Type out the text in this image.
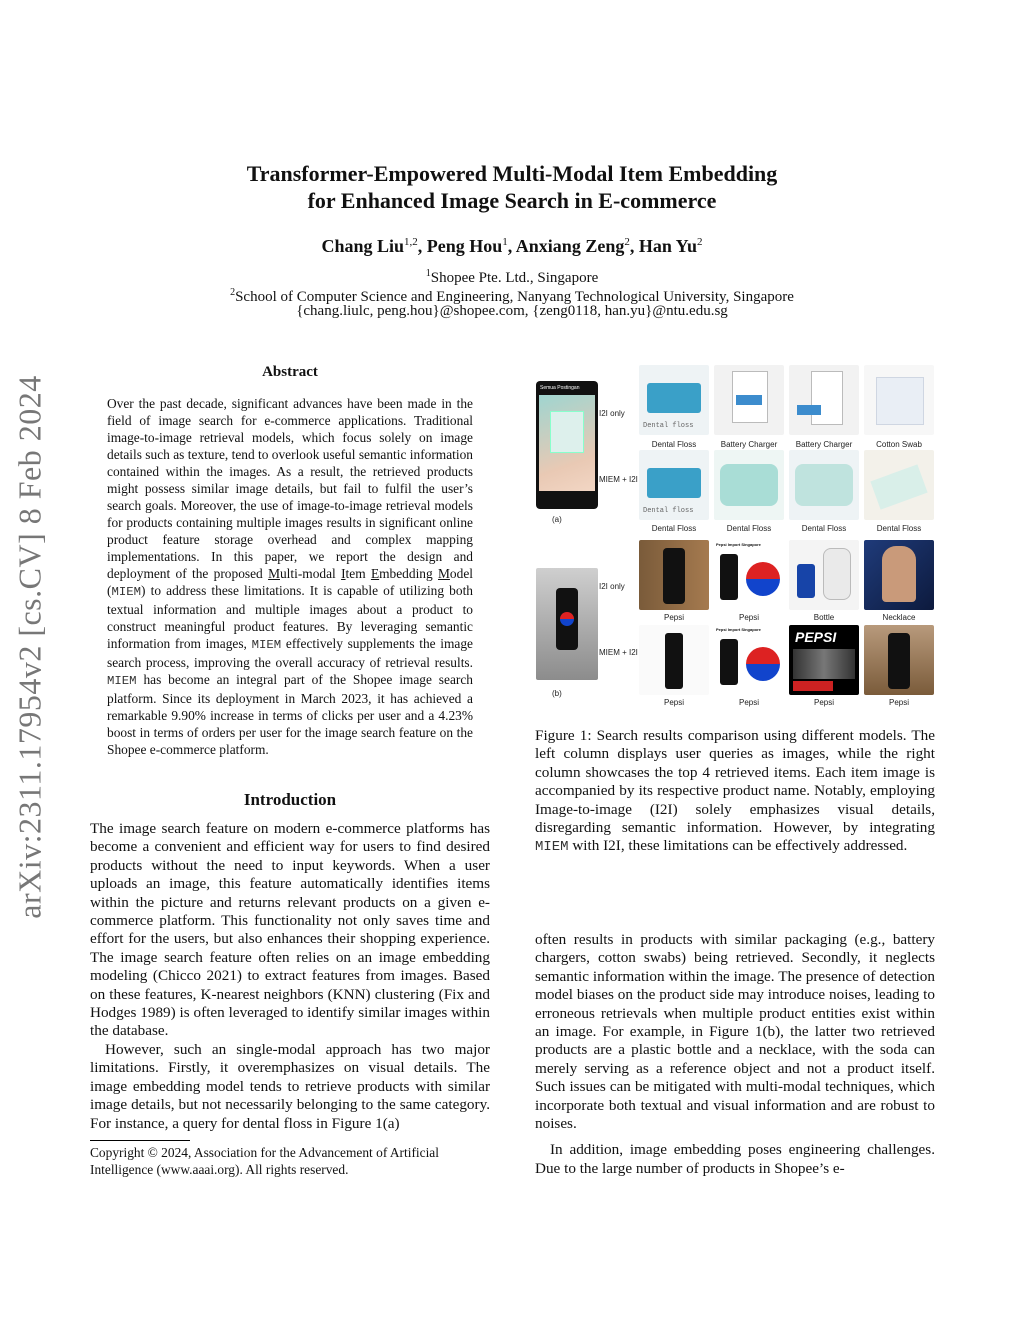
arXiv:2311.17954v2 [cs.CV] 8 Feb 2024
Transformer-Empowered Multi-Modal Item Embedding
for Enhanced Image Search in E-commerce
Chang Liu$^{1,2}$, Peng Hou$^1$, Anxiang Zeng$^2$, Han Yu$^2$
$^1$Shopee Pte. Ltd., Singapore
$^2$School of Computer Science and Engineering, Nanyang Technological University, Singapore
{chang.liulc, peng.hou}@shopee.com, {zeng0118, han.yu}@ntu.edu.sg
Abstract
Over the past decade, significant advances have been made in the field of image search for e-commerce applications. Traditional image-to-image retrieval models, which focus solely on image details such as texture, tend to overlook useful semantic information contained within the images. As a result, the retrieved products might possess similar image details, but fail to fulfil the user’s search goals. Moreover, the use of image-to-image retrieval models for products containing multiple images results in significant online product feature storage overhead and complex mapping implementations. In this paper, we report the design and deployment of the proposed Multi-modal Item Embedding Model (MIEM) to address these limitations. It is capable of utilizing both textual information and multiple images about a product to construct meaningful product features. By leveraging semantic information from images, MIEM effectively supplements the image search process, improving the overall accuracy of retrieval results. MIEM has become an integral part of the Shopee image search platform. Since its deployment in March 2023, it has achieved a remarkable 9.90% increase in terms of clicks per user and a 4.23% boost in terms of orders per user for the image search feature on the Shopee e-commerce platform.
Introduction

The image search feature on modern e-commerce platforms has become a convenient and efficient way for users to find desired products without the need to input keywords. When a user uploads an image, this feature automatically identifies items within the picture and returns relevant products on a given e-commerce platform. This functionality not only saves time and effort for the users, but also enhances their shopping experience. The image search feature often relies on an image embedding modeling (Chicco 2021) to extract features from images. Based on these features, K-nearest neighbors (KNN) clustering (Fix and Hodges 1989) is often leveraged to identify similar images within the database.

However, such an single-modal approach has two major limitations. Firstly, it overemphasizes on visual details. The image embedding model tends to retrieve products with similar image details, but not necessarily belonging to the same category. For instance, a query for dental floss in Figure 1(a)

Copyright © 2024, Association for the Advancement of Artificial Intelligence (www.aaai.org). All rights reserved.
Semua Postingan
(a)
I2I only
MIEM + I2I
Dental floss
Dental Floss	Battery Charger	Battery Charger	Cotton Swab
Dental floss
Dental Floss	Dental Floss	Dental Floss	Dental Floss
(b)
I2I only
MIEM + I2I
Pepsi Import Singapore
Pepsi	Pepsi	Bottle	Necklace
Pepsi Import Singapore PEPSI
Pepsi	Pepsi	Pepsi	Pepsi
Figure 1: Search results comparison using different models. The left column displays user queries as images, while the right column showcases the top 4 retrieved items. Each item image is accompanied by its respective product name. Notably, employing Image-to-image (I2I) solely emphasizes visual details, disregarding semantic information. However, by integrating MIEM with I2I, these limitations can be effectively addressed.

often results in products with similar packaging (e.g., battery chargers, cotton swabs) being retrieved. Secondly, it neglects semantic information within the image. The presence of detection model biases on the product side may introduce noises, leading to erroneous retrievals when multiple product entities exist within an image. For example, in Figure 1(b), the latter two retrieved products are a plastic bottle and a necklace, with the soda can merely serving as a reference object and not a product itself. Such issues can be mitigated with multi-modal techniques, which incorporate both textual and visual information and are robust to noises.

In addition, image embedding poses engineering challenges. Due to the large number of products in Shopee’s e-
